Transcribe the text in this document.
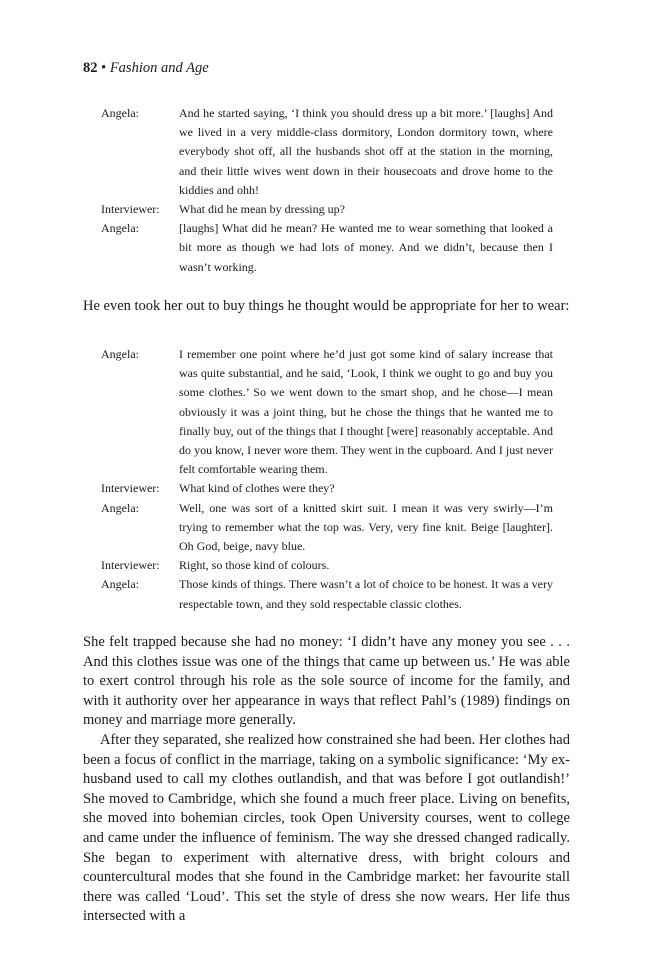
82 • Fashion and Age
Angela:	And he started saying, ‘I think you should dress up a bit more.’ [laughs] And we lived in a very middle-class dormitory, London dormitory town, where everybody shot off, all the husbands shot off at the station in the morning, and their little wives went down in their housecoats and drove home to the kiddies and ohh!
Interviewer:	What did he mean by dressing up?
Angela:	[laughs] What did he mean? He wanted me to wear something that looked a bit more as though we had lots of money. And we didn’t, because then I wasn’t working.

He even took her out to buy things he thought would be appropriate for her to wear:

Angela:	I remember one point where he’d just got some kind of salary increase that was quite substantial, and he said, ‘Look, I think we ought to go and buy you some clothes.’ So we went down to the smart shop, and he chose—I mean obviously it was a joint thing, but he chose the things that he wanted me to finally buy, out of the things that I thought [were] reasonably acceptable. And do you know, I never wore them. They went in the cupboard. And I just never felt comfortable wearing them.
Interviewer:	What kind of clothes were they?
Angela:	Well, one was sort of a knitted skirt suit. I mean it was very swirly—I’m trying to remember what the top was. Very, very fine knit. Beige [laughter]. Oh God, beige, navy blue.
Interviewer:	Right, so those kind of colours.
Angela:	Those kinds of things. There wasn’t a lot of choice to be honest. It was a very respectable town, and they sold respectable classic clothes.

She felt trapped because she had no money: ‘I didn’t have any money you see . . . And this clothes issue was one of the things that came up between us.’ He was able to exert control through his role as the sole source of income for the family, and with it authority over her appearance in ways that reflect Pahl’s (1989) findings on money and marriage more generally.

After they separated, she realized how constrained she had been. Her clothes had been a focus of conflict in the marriage, taking on a symbolic significance: ‘My ex-husband used to call my clothes outlandish, and that was before I got outlandish!’ She moved to Cambridge, which she found a much freer place. Living on benefits, she moved into bohemian circles, took Open University courses, went to college and came under the influence of feminism. The way she dressed changed radically. She began to experiment with alternative dress, with bright colours and countercultural modes that she found in the Cambridge market: her favourite stall there was called ‘Loud’. This set the style of dress she now wears. Her life thus intersected with a
